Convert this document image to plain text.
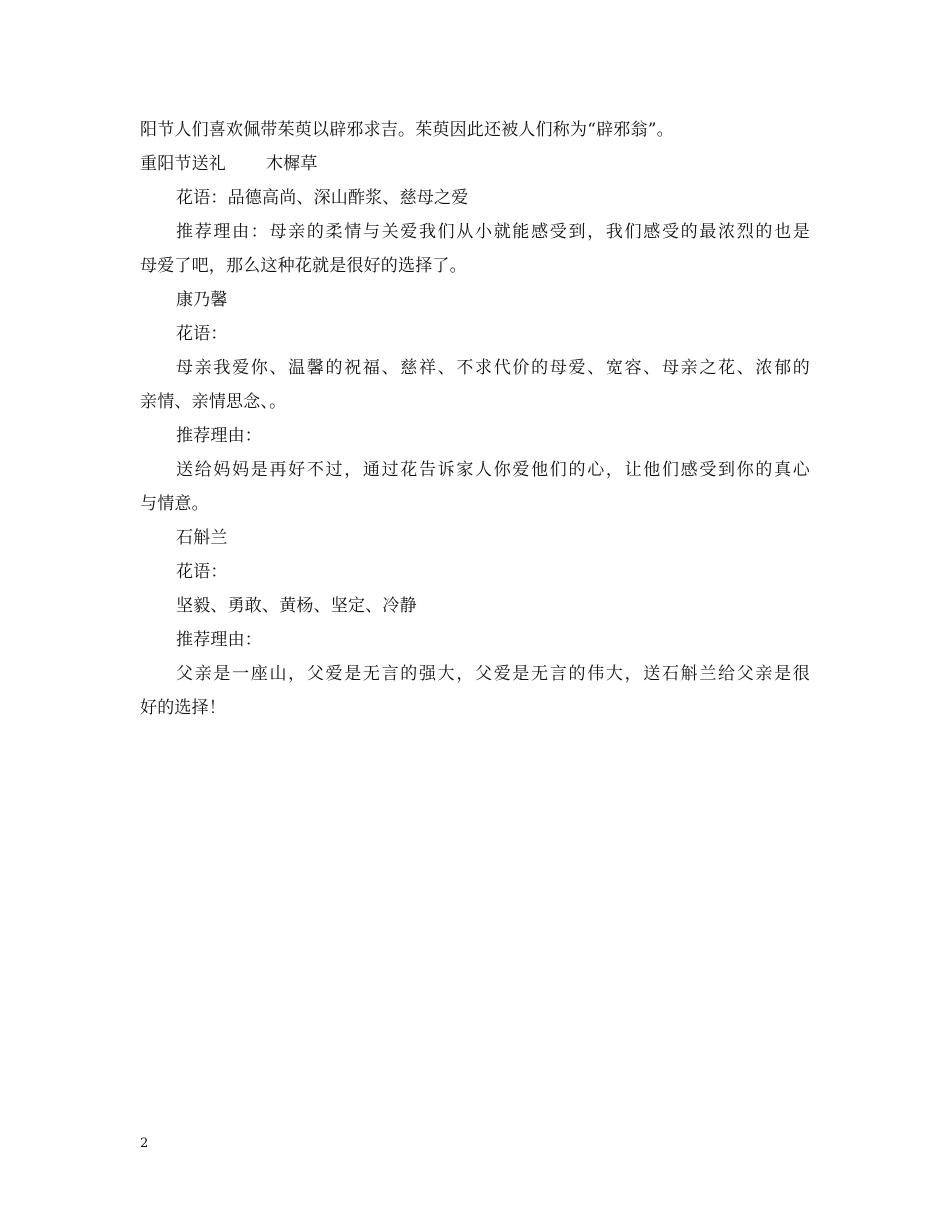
阳节人们喜欢佩带茱萸以辟邪求吉。茱萸因此还被人们称为“辟邪翁”。
重阳节送礼 木樨草
花语：品德高尚、深山酢浆、慈母之爱
推荐理由：母亲的柔情与关爱我们从小就能感受到，我们感受的最浓烈的也是
母爱了吧，那么这种花就是很好的选择了。
康乃馨
花语：
母亲我爱你、温馨的祝福、慈祥、不求代价的母爱、宽容、母亲之花、浓郁的
亲情、亲情思念、。
推荐理由：
送给妈妈是再好不过，通过花告诉家人你爱他们的心，让他们感受到你的真心
与情意。
石斛兰
花语：
坚毅、勇敢、黄杨、坚定、冷静
推荐理由：
父亲是一座山，父爱是无言的强大，父爱是无言的伟大，送石斛兰给父亲是很
好的选择！
2
